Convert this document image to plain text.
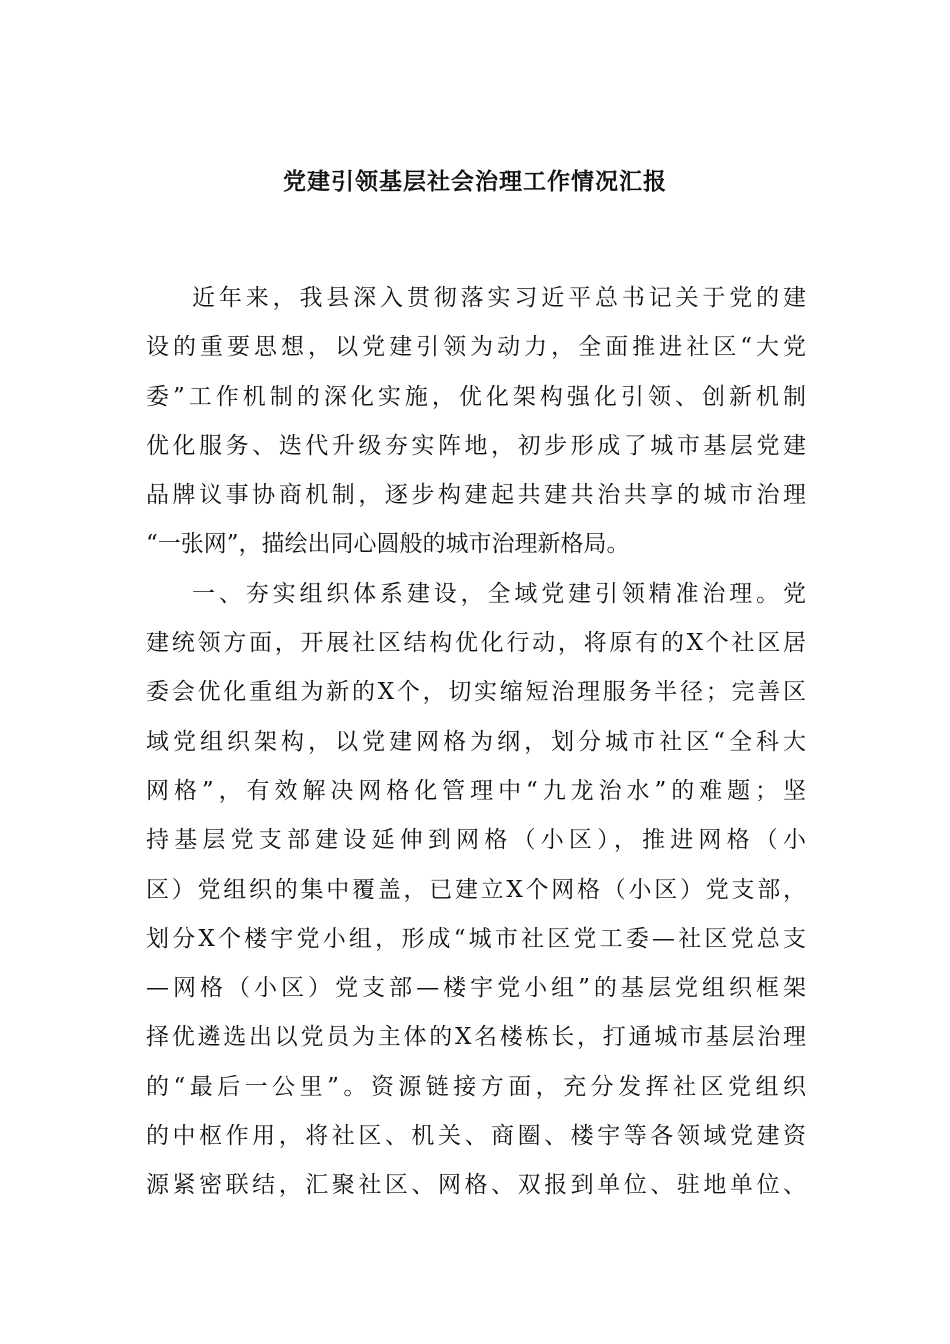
党建引领基层社会治理工作情况汇报
近年来，我县深入贯彻落实习近平总书记关于党的建
设的重要思想，以党建引领为动力，全面推进社区“大党
委”工作机制的深化实施，优化架构强化引领、创新机制
优化服务、迭代升级夯实阵地，初步形成了城市基层党建
品牌议事协商机制，逐步构建起共建共治共享的城市治理
“一张网”，描绘出同心圆般的城市治理新格局。
一、夯实组织体系建设，全域党建引领精准治理。党
建统领方面，开展社区结构优化行动，将原有的X个社区居
委会优化重组为新的X个，切实缩短治理服务半径；完善区
域党组织架构，以党建网格为纲，划分城市社区“全科大
网格”，有效解决网格化管理中“九龙治水”的难题；坚
持基层党支部建设延伸到网格（小区），推进网格（小
区）党组织的集中覆盖，已建立X个网格（小区）党支部，
划分X个楼宇党小组，形成“城市社区党工委—社区党总支
—网格（小区）党支部—楼宇党小组”的基层党组织框架
择优遴选出以党员为主体的X名楼栋长，打通城市基层治理
的“最后一公里”。资源链接方面，充分发挥社区党组织
的中枢作用，将社区、机关、商圈、楼宇等各领域党建资
源紧密联结，汇聚社区、网格、双报到单位、驻地单位、
